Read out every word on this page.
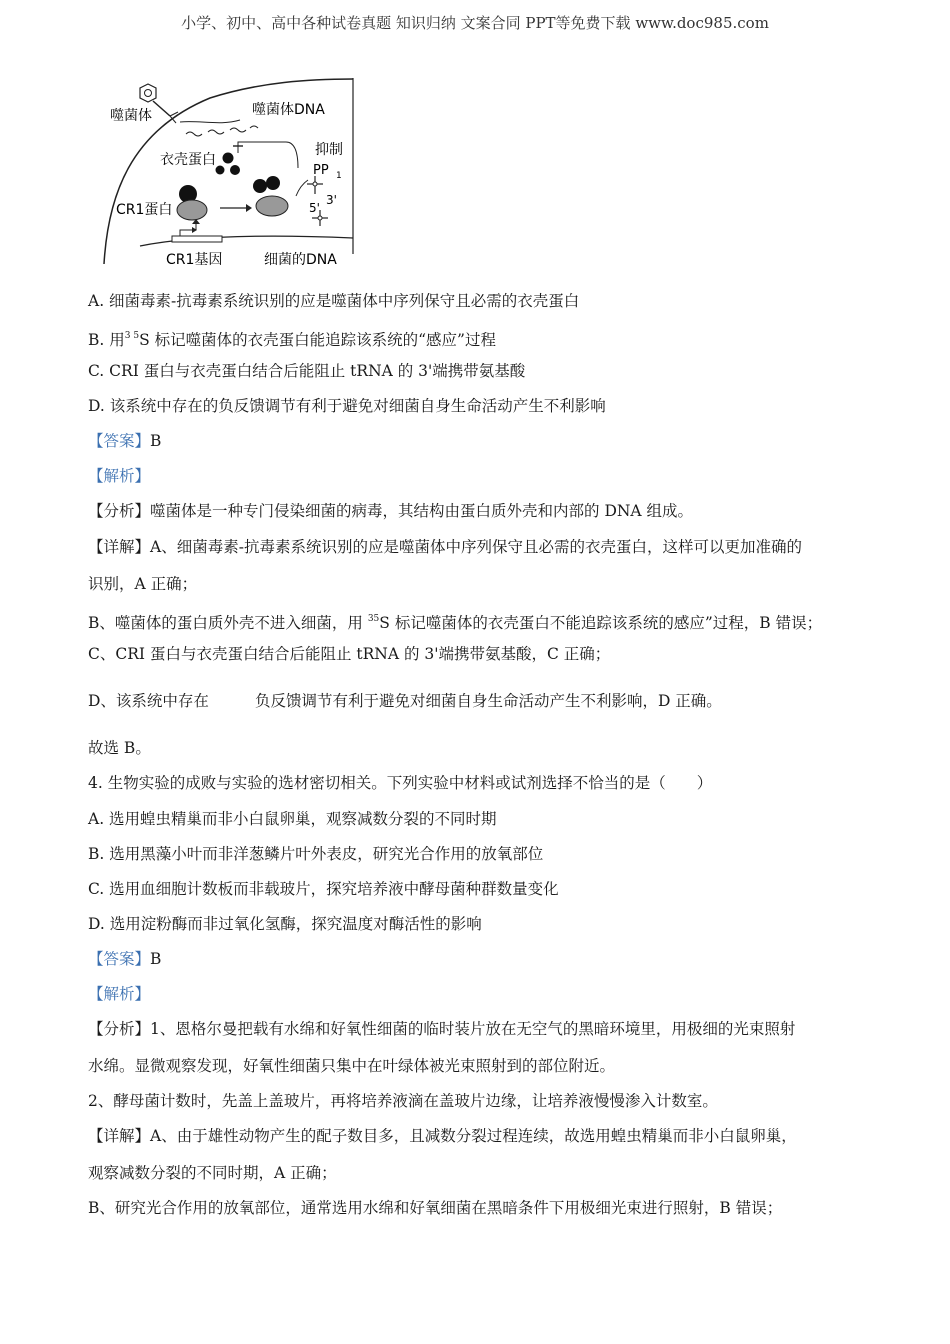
小学、初中、高中各种试卷真题 知识归纳 文案合同 PPT等免费下载 www.doc985.com
噬菌体	噬菌体DNA
衣壳蛋白
抑制
PP 1
CR1蛋白
3'
5'
CR1基因	细菌的DNA
A. 细菌毒素-抗毒素系统识别的应是噬菌体中序列保守且必需的衣壳蛋白
B. 用$^{3 5}$S 标记噬菌体的衣壳蛋白能追踪该系统的“感应”过程
C. CRI 蛋白与衣壳蛋白结合后能阻止 tRNA 的 3'端携带氨基酸
D. 该系统中存在的负反馈调节有利于避免对细菌自身生命活动产生不利影响
【答案】B
【解析】
【分析】噬菌体是一种专门侵染细菌的病毒，其结构由蛋白质外壳和内部的 DNA 组成。
【详解】A、细菌毒素-抗毒素系统识别的应是噬菌体中序列保守且必需的衣壳蛋白，这样可以更加准确的
识别，A 正确；
B、噬菌体的蛋白质外壳不进入细菌，用 $^{35}$S 标记噬菌体的衣壳蛋白不能追踪该系统的感应”过程，B 错误；
C、CRI 蛋白与衣壳蛋白结合后能阻止 tRNA 的 3'端携带氨基酸，C 正确；
D、该系统中存在	负反馈调节有利于避免对细菌自身生命活动产生不利影响，D 正确。
故选 B。
4. 生物实验的成败与实验的选材密切相关。下列实验中材料或试剂选择不恰当的是（　　）
A. 选用蝗虫精巢而非小白鼠卵巢，观察减数分裂的不同时期
B. 选用黑藻小叶而非洋葱鳞片叶外表皮，研究光合作用的放氧部位
C. 选用血细胞计数板而非载玻片，探究培养液中酵母菌种群数量变化
D. 选用淀粉酶而非过氧化氢酶，探究温度对酶活性的影响
【答案】B
【解析】
【分析】1、恩格尔曼把载有水绵和好氧性细菌的临时装片放在无空气的黑暗环境里，用极细的光束照射
水绵。显微观察发现，好氧性细菌只集中在叶绿体被光束照射到的部位附近。
2、酵母菌计数时，先盖上盖玻片，再将培养液滴在盖玻片边缘，让培养液慢慢渗入计数室。
【详解】A、由于雄性动物产生的配子数目多，且减数分裂过程连续，故选用蝗虫精巢而非小白鼠卵巢，
观察减数分裂的不同时期，A 正确；
B、研究光合作用的放氧部位，通常选用水绵和好氧细菌在黑暗条件下用极细光束进行照射，B 错误；
